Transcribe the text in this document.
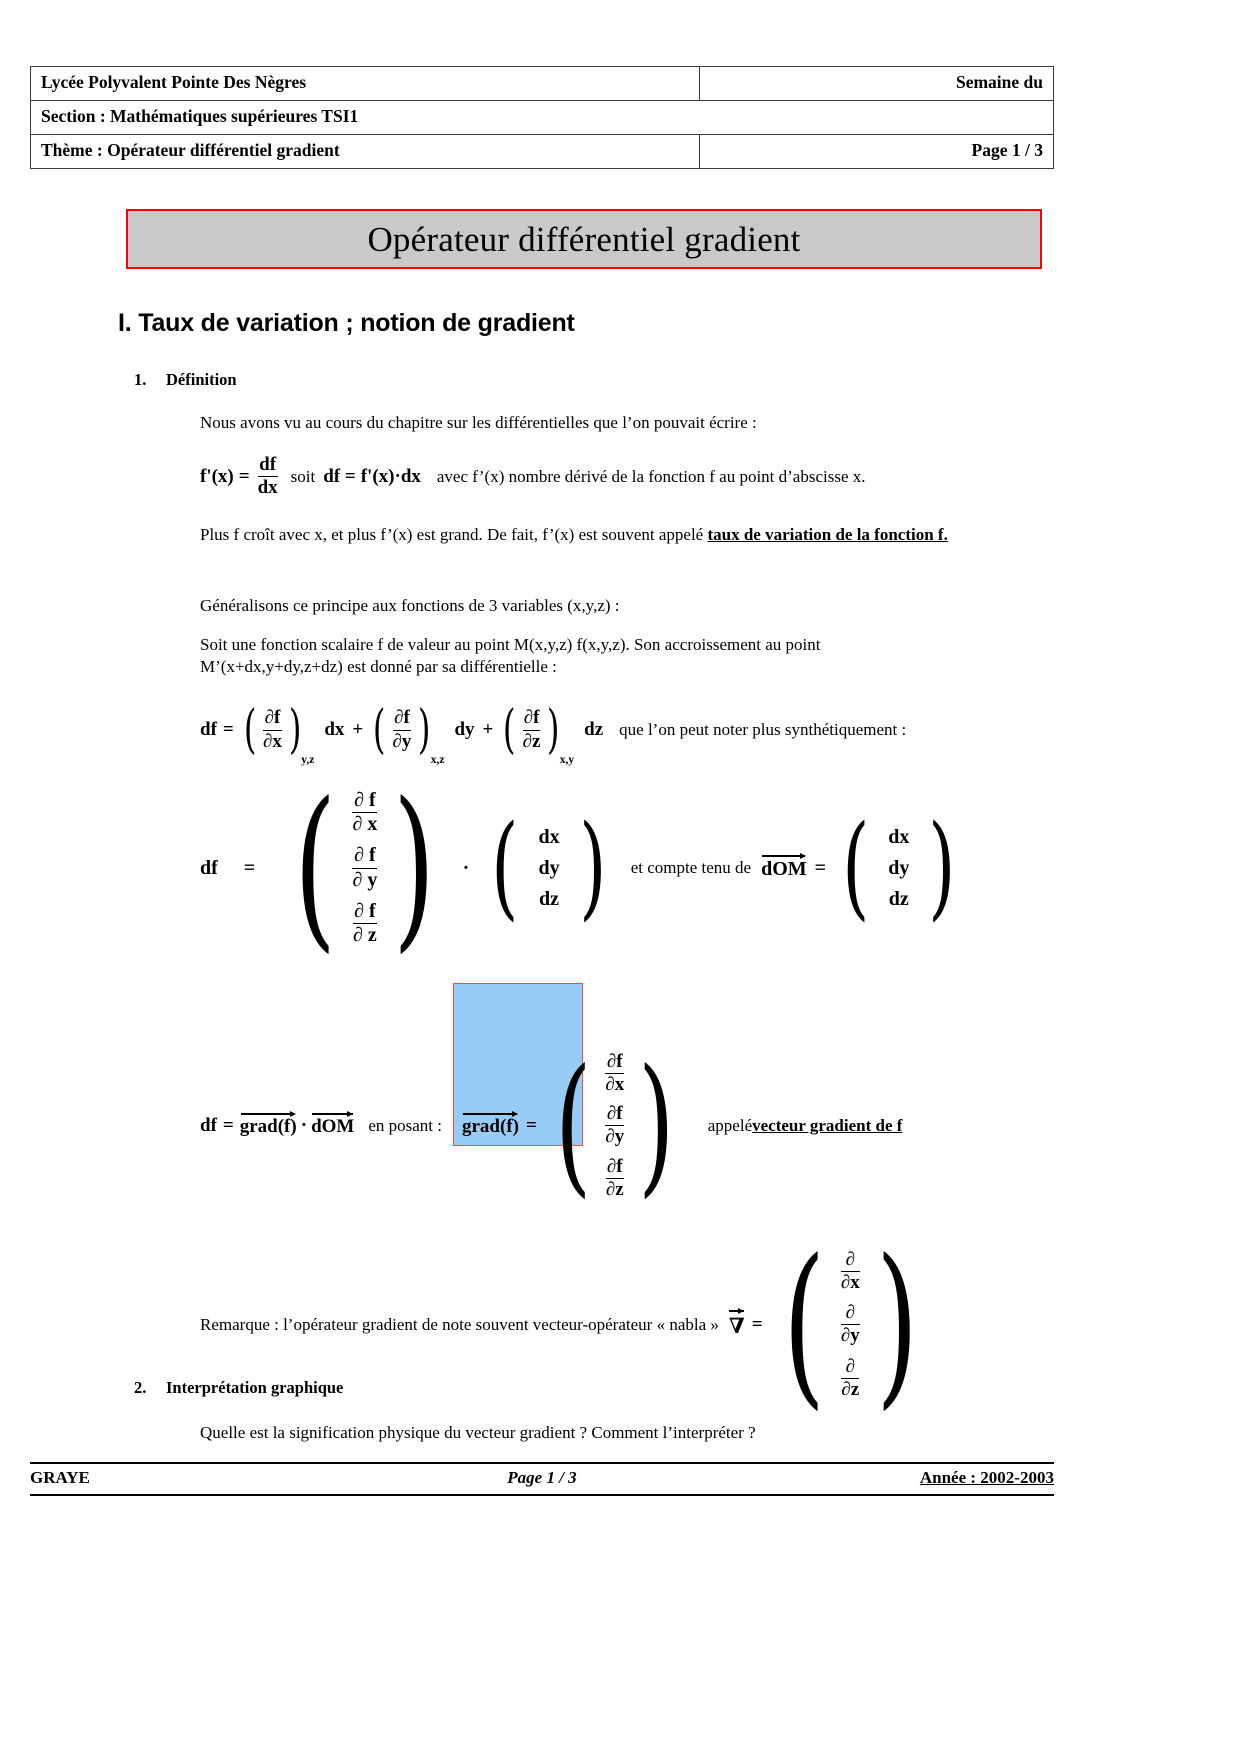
Lycée Polyvalent Pointe Des Nègres	Semaine du
Section : Mathématiques supérieures TSI1	
Thème : Opérateur différentiel gradient	Page 1 / 3
Opérateur différentiel gradient
I. Taux de variation ; notion de gradient
1. Définition
Nous avons vu au cours du chapitre sur les différentielles que l’on pouvait écrire :
$f'(x) = \frac{df}{dx}$ soit df = f'(x)·dx avec f’(x) nombre dérivé de la fonction f au point d’abscisse x.
Plus f croît avec x, et plus f’(x) est grand. De fait, f’(x) est souvent appelé taux de variation de la fonction f.
Généralisons ce principe aux fonctions de 3 variables (x,y,z) :
Soit une fonction scalaire f de valeur au point M(x,y,z) f(x,y,z). Son accroissement au point
M’(x+dx,y+dy,z+dz) est donné par sa différentielle :
df = ( $\frac{\partial f}{\partial x}$ ) y,z
dx + ( $\frac{\partial f}{\partial y}$ ) x,z
dy + ( $\frac{\partial f}{\partial z}$ ) x,y
dz que l’on peut noter plus synthétiquement :
df = ( $\frac{\partial f}{\partial x}$
$\frac{\partial f}{\partial y}$
$\frac{\partial f}{\partial z}$ ) · ( dx
dy
dz ) et compte tenu de dOM = ( dx
dy
dz )
df = grad(f) · dOM en posant : grad(f) = ( $\frac{\partial f}{\partial x}$
$\frac{\partial f}{\partial y}$
$\frac{\partial f}{\partial z}$ ) appelé vecteur gradient de f
Remarque : l’opérateur gradient de note souvent vecteur-opérateur « nabla » ∇ = ( $\frac{\partial}{\partial x}$
$\frac{\partial}{\partial y}$
$\frac{\partial}{\partial z}$ )
2. Interprétation graphique
Quelle est la signification physique du vecteur gradient ? Comment l’interpréter ?
GRAYE	Page 1 / 3	Année : 2002-2003
